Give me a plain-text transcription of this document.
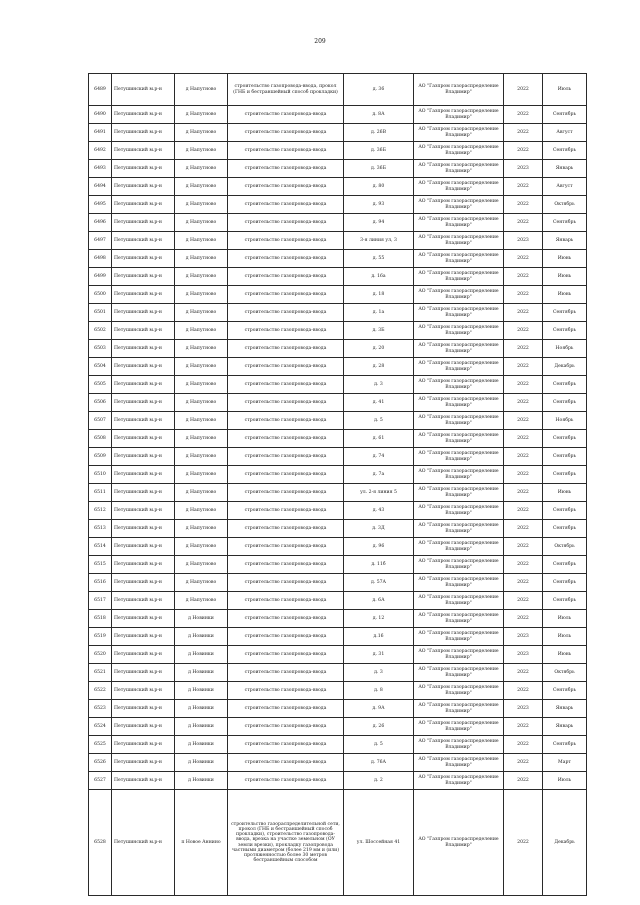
209
6489	Петушинский м.р-н	д Напутново	строительство газопровода-ввода, прокол (ГНБ и бестраншейный способ прокладки)	д. 36	АО "Газпром газораспределение Владимир"	2022	Июль
6490	Петушинский м.р-н	д Напутново	строительство газопровода-ввода	д. 8А	АО "Газпром газораспределение Владимир"	2022	Сентябрь
6491	Петушинский м.р-н	д Напутново	строительство газопровода-ввода	д. 26В	АО "Газпром газораспределение Владимир"	2022	Август
6492	Петушинский м.р-н	д Напутново	строительство газопровода-ввода	д. 36Б	АО "Газпром газораспределение Владимир"	2022	Сентябрь
6493	Петушинский м.р-н	д Напутново	строительство газопровода-ввода	д. 36Б	АО "Газпром газораспределение Владимир"	2023	Январь
6494	Петушинский м.р-н	д Напутново	строительство газопровода-ввода	д. 80	АО "Газпром газораспределение Владимир"	2022	Август
6495	Петушинский м.р-н	д Напутново	строительство газопровода-ввода	д. 93	АО "Газпром газораспределение Владимир"	2022	Октябрь
6496	Петушинский м.р-н	д Напутново	строительство газопровода-ввода	д. 94	АО "Газпром газораспределение Владимир"	2022	Сентябрь
6497	Петушинский м.р-н	д Напутново	строительство газопровода-ввода	3-я линия ул, 3	АО "Газпром газораспределение Владимир"	2023	Январь
6498	Петушинский м.р-н	д Напутново	строительство газопровода-ввода	д. 55	АО "Газпром газораспределение Владимир"	2022	Июнь
6499	Петушинский м.р-н	д Напутново	строительство газопровода-ввода	д. 16а	АО "Газпром газораспределение Владимир"	2022	Июнь
6500	Петушинский м.р-н	д Напутново	строительство газопровода-ввода	д. 18	АО "Газпром газораспределение Владимир"	2022	Июнь
6501	Петушинский м.р-н	д Напутново	строительство газопровода-ввода	д. 1а	АО "Газпром газораспределение Владимир"	2022	Сентябрь
6502	Петушинский м.р-н	д Напутново	строительство газопровода-ввода	д. 3Б	АО "Газпром газораспределение Владимир"	2022	Сентябрь
6503	Петушинский м.р-н	д Напутново	строительство газопровода-ввода	д. 20	АО "Газпром газораспределение Владимир"	2022	Ноябрь
6504	Петушинский м.р-н	д Напутново	строительство газопровода-ввода	д. 28	АО "Газпром газораспределение Владимир"	2022	Декабрь
6505	Петушинский м.р-н	д Напутново	строительство газопровода-ввода	д. 3	АО "Газпром газораспределение Владимир"	2022	Сентябрь
6506	Петушинский м.р-н	д Напутново	строительство газопровода-ввода	д. 41	АО "Газпром газораспределение Владимир"	2022	Сентябрь
6507	Петушинский м.р-н	д Напутново	строительство газопровода-ввода	д. 5	АО "Газпром газораспределение Владимир"	2022	Ноябрь
6508	Петушинский м.р-н	д Напутново	строительство газопровода-ввода	д. 61	АО "Газпром газораспределение Владимир"	2022	Сентябрь
6509	Петушинский м.р-н	д Напутново	строительство газопровода-ввода	д. 74	АО "Газпром газораспределение Владимир"	2022	Сентябрь
6510	Петушинский м.р-н	д Напутново	строительство газопровода-ввода	д. 7а	АО "Газпром газораспределение Владимир"	2022	Сентябрь
6511	Петушинский м.р-н	д Напутново	строительство газопровода-ввода	ул. 2-я линия 5	АО "Газпром газораспределение Владимир"	2022	Июнь
6512	Петушинский м.р-н	д Напутново	строительство газопровода-ввода	д. 43	АО "Газпром газораспределение Владимир"	2022	Сентябрь
6513	Петушинский м.р-н	д Напутново	строительство газопровода-ввода	д. 3Д	АО "Газпром газораспределение Владимир"	2022	Сентябрь
6514	Петушинский м.р-н	д Напутново	строительство газопровода-ввода	д. 96	АО "Газпром газораспределение Владимир"	2022	Октябрь
6515	Петушинский м.р-н	д Напутново	строительство газопровода-ввода	д. 11б	АО "Газпром газораспределение Владимир"	2022	Сентябрь
6516	Петушинский м.р-н	д Напутново	строительство газопровода-ввода	д. 57А	АО "Газпром газораспределение Владимир"	2022	Сентябрь
6517	Петушинский м.р-н	д Напутново	строительство газопровода-ввода	д. 6А	АО "Газпром газораспределение Владимир"	2022	Сентябрь
6518	Петушинский м.р-н	д Новинки	строительство газопровода-ввода	д. 12	АО "Газпром газораспределение Владимир"	2022	Июль
6519	Петушинский м.р-н	д Новинки	строительство газопровода-ввода	д.16	АО "Газпром газораспределение Владимир"	2023	Июль
6520	Петушинский м.р-н	д Новинки	строительство газопровода-ввода	д. 31	АО "Газпром газораспределение Владимир"	2023	Июнь
6521	Петушинский м.р-н	д Новинки	строительство газопровода-ввода	д. 3	АО "Газпром газораспределение Владимир"	2022	Октябрь
6522	Петушинский м.р-н	д Новинки	строительство газопровода-ввода	д. 8	АО "Газпром газораспределение Владимир"	2022	Сентябрь
6523	Петушинский м.р-н	д Новинки	строительство газопровода-ввода	д. 9А	АО "Газпром газораспределение Владимир"	2023	Январь
6524	Петушинский м.р-н	д Новинки	строительство газопровода-ввода	д. 26	АО "Газпром газораспределение Владимир"	2022	Январь
6525	Петушинский м.р-н	д Новинки	строительство газопровода-ввода	д. 5	АО "Газпром газораспределение Владимир"	2022	Сентябрь
6526	Петушинский м.р-н	д Новинки	строительство газопровода-ввода	д. 76А	АО "Газпром газораспределение Владимир"	2022	Март
6527	Петушинский м.р-н	д Новинки	строительство газопровода-ввода	д. 2	АО "Газпром газораспределение Владимир"	2022	Июль
6528	Петушинский м.р-н	п Новое Аннино	строительство газораспределительной сети, прокол (ГНБ и бестраншейный способ прокладки), строительство газопровода-ввода, врезка на участке земельном (ОУ земли врезки), прокладку газопровода частными диаметром (более 219 мм и (или) протяженностью более 30 метров бестраншейным способом	ул. Шоссейная 41	АО "Газпром газораспределение Владимир"	2022	Декабрь
